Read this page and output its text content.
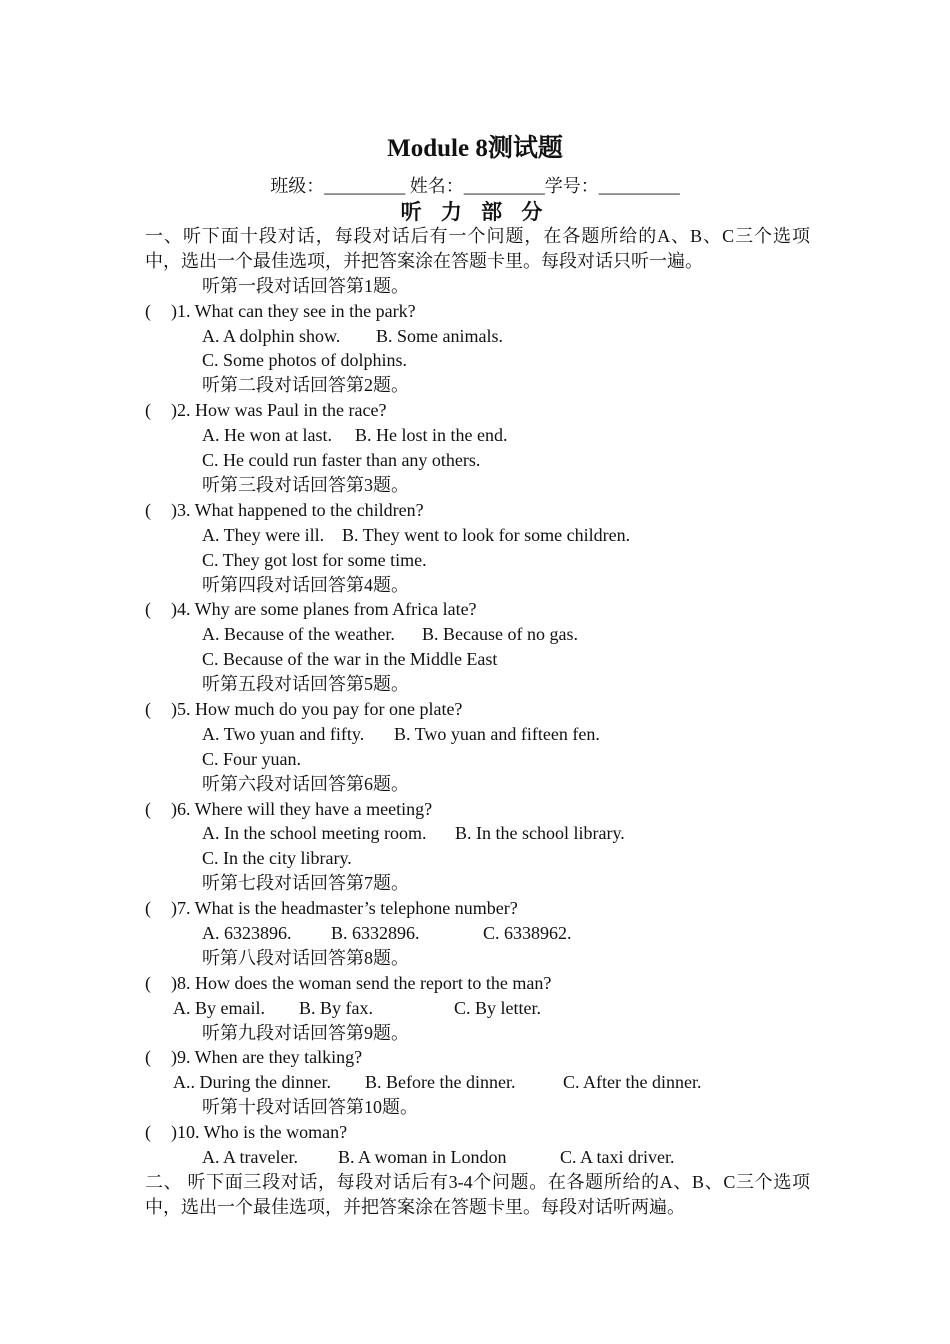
Module 8测试题
班级：_________ 姓名：_________学号：_________
听 力 部 分
一、听下面十段对话，每段对话后有一个问题，在各题所给的A、B、C三个选项中，选出一个最佳选项，并把答案涂在答题卡里。每段对话只听一遍。
听第一段对话回答第1题。
( )1. What can they see in the park?
A. A dolphin show. B. Some animals.
C. Some photos of dolphins.
听第二段对话回答第2题。
( )2. How was Paul in the race?
A. He won at last. B. He lost in the end.
C. He could run faster than any others.
听第三段对话回答第3题。
( )3. What happened to the children?
A. They were ill. B. They went to look for some children.
C. They got lost for some time.
听第四段对话回答第4题。
( )4. Why are some planes from Africa late?
A. Because of the weather. B. Because of no gas.
C. Because of the war in the Middle East
听第五段对话回答第5题。
( )5. How much do you pay for one plate?
A. Two yuan and fifty. B. Two yuan and fifteen fen.
C. Four yuan.
听第六段对话回答第6题。
( )6. Where will they have a meeting?
A. In the school meeting room. B. In the school library.
C. In the city library.
听第七段对话回答第7题。
( )7. What is the headmaster’s telephone number?
A. 6323896. B. 6332896.	C. 6338962.
听第八段对话回答第8题。
( )8. How does the woman send the report to the man?
A. By email. B. By fax.	C. By letter.
听第九段对话回答第9题。
( )9. When are they talking?
A.. During the dinner. B. Before the dinner.	C. After the dinner.
听第十段对话回答第10题。
( )10. Who is the woman?
A. A traveler. B. A woman in London	C. A taxi driver.
二、 听下面三段对话，每段对话后有3-4个问题。在各题所给的A、B、C三个选项中，选出一个最佳选项，并把答案涂在答题卡里。每段对话听两遍。
